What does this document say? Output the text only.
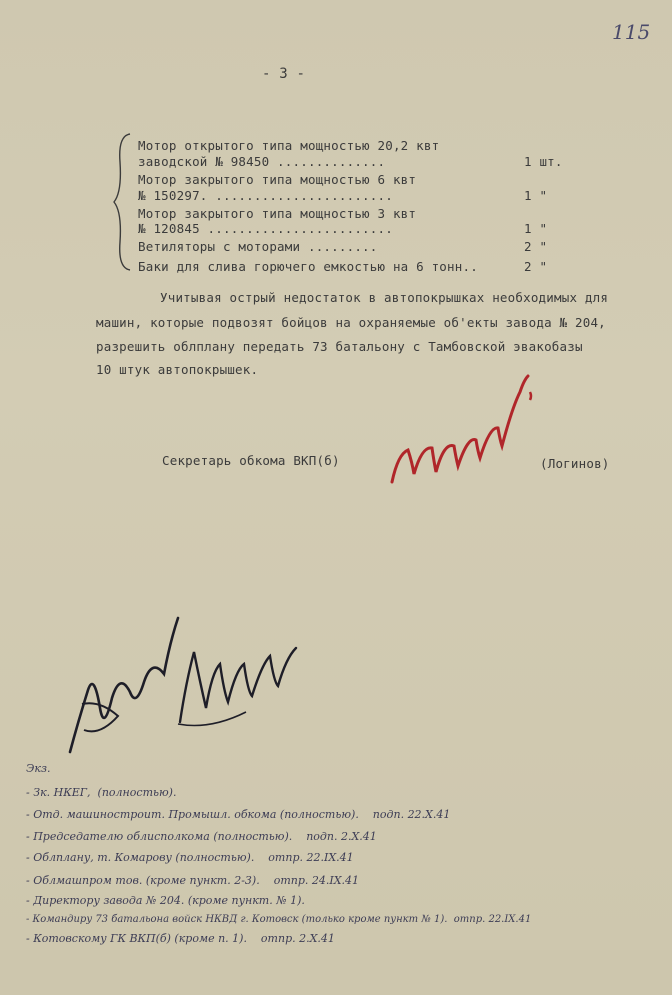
115
- 3 -
Мотор открытого типа мощностью 20,2 квт
заводской № 98450 ..............	1 шт.
Мотор закрытого типа мощностью 6 квт
№ 150297. .......................	1 "
Мотор закрытого типа мощностью 3 квт
№ 120845 ........................	1 "
Ветиляторы с моторами .........	2 "
Баки для слива горючего емкостью на 6 тонн..	2 "
Учитывая острый недостаток в автопокрышках необходимых для
машин, которые подвозят бойцов на охраняемые об'екты завода № 204,
разрешить облплану передать 73 батальону с Тамбовской эвакобазы
10 штук автопокрышек.
Секретарь обкома ВКП(б)	(Логинов)
Экз.
- Зк. НКЕГ,  (полностью).
- Отд. машиностроит. Промышл. обкома (полностью).    подп. 22.X.41
- Председателю облисполкома (полностью).    подп. 2.X.41
- Облплану, т. Комарову (полностью).    отпр. 22.IX.41
- Облмашпром тов. (кроме пункт. 2-3).    отпр. 24.IX.41
- Директору завода № 204. (кроме пункт. № 1).
- Командиру 73 батальона войск НКВД г. Котовск (только кроме пункт № 1).  отпр. 22.IX.41
- Котовскому ГК ВКП(б) (кроме п. 1).    отпр. 2.X.41
